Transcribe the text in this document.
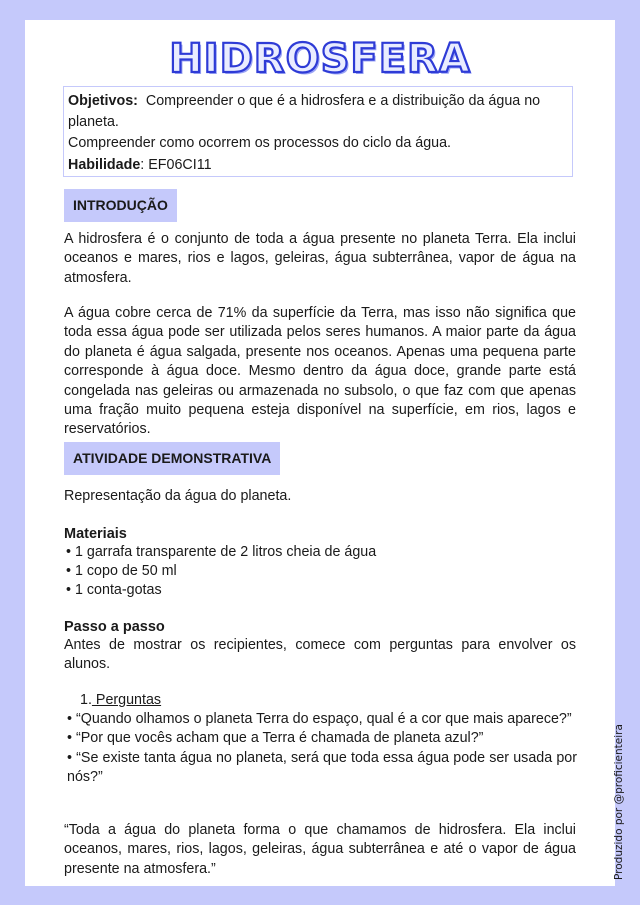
HIDROSFERA
Objetivos: Compreender o que é a hidrosfera e a distribuição da água no planeta.
Compreender como ocorrem os processos do ciclo da água.
Habilidade: EF06CI11
INTRODUÇÃO

A hidrosfera é o conjunto de toda a água presente no planeta Terra. Ela inclui oceanos e mares, rios e lagos, geleiras, água subterrânea, vapor de água na atmosfera.

A água cobre cerca de 71% da superfície da Terra, mas isso não significa que toda essa água pode ser utilizada pelos seres humanos. A maior parte da água do planeta é água salgada, presente nos oceanos. Apenas uma pequena parte corresponde à água doce. Mesmo dentro da água doce, grande parte está congelada nas geleiras ou armazenada no subsolo, o que faz com que apenas uma fração muito pequena esteja disponível na superfície, em rios, lagos e reservatórios.

ATIVIDADE DEMONSTRATIVA

Representação da água do planeta.

Materiais

• 1 garrafa transparente de 2 litros cheia de água
• 1 copo de 50 ml
• 1 conta-gotas

Passo a passo

Antes de mostrar os recipientes, comece com perguntas para envolver os alunos.

1. Perguntas
• “Quando olhamos o planeta Terra do espaço, qual é a cor que mais aparece?”
• “Por que vocês acham que a Terra é chamada de planeta azul?”
• “Se existe tanta água no planeta, será que toda essa água pode ser usada por nós?”

“Toda a água do planeta forma o que chamamos de hidrosfera. Ela inclui oceanos, mares, rios, lagos, geleiras, água subterrânea e até o vapor de água presente na atmosfera.”	Produzido por @proficienteira
